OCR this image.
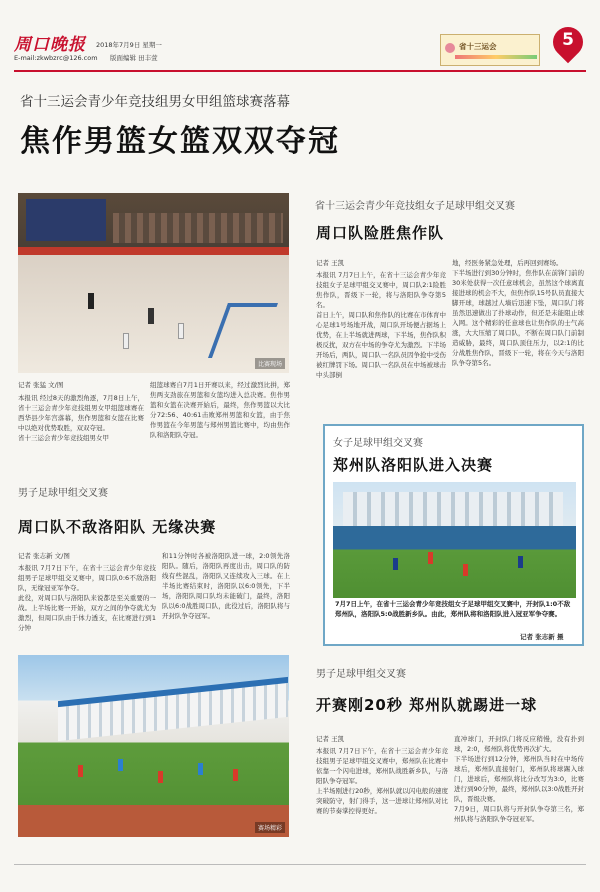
周口晚报
E-mail:zkwbzrc@126.com
2018年7月9日 星期一
版面编辑 田丰萱
省十三运会	5
省十三运会青少年竞技组男女甲组篮球赛落幕
焦作男篮女篮双双夺冠
比赛现场
记者 张猛 文/图
本报讯 经过8天的激烈角逐，7月8日上午，省十三运会青少年竞技组男女甲组篮球赛在西华县少年宫落幕，焦作男篮和女篮在比赛中以绝对优势取胜，双双夺冠。
省十三运会青少年竞技组男女甲
组篮球赛自7月1日开赛以来，经过激烈比拼，郑焦两支劲旅在男篮和女篮均进入总决赛。焦作男篮和女篮在决赛开始后，最终，焦作男篮以大比分72:56、40:61击败郑州男篮和女篮，由于焦作男篮在今年男篮与郑州男篮比赛中，均由焦作队和洛阳队夺冠。
省十三运会青少年竞技组女子足球甲组交叉赛
周口队险胜焦作队
记者 王凯
本报讯 7月7日上午，在省十三运会青少年竞技组女子足球甲组交叉赛中，周口队2:1险胜焦作队，晋级下一轮，将与洛阳队争夺第5名。
首日上午，周口队和焦作队的比赛在市体育中心足球1号场地开战，周口队开场便占据场上优势，在上半场就进两球，下半场，焦作队积极反扰，双方在中场的争夺尤为激烈。下半场开场后，两队，周口队一名队员因争抢中受伤被红牌罚下场。周口队一名队员在中场被球击中头部倒
地，经医务紧急处理，后再回到赛场。
下半场进行到30分钟时，焦作队在前锋门前的30米处获得一次任意球机会，虽然这个球离直接进球的机会不大，但焦作队15号队员直接大脚开球，球越过人墙后迅速下坠，周口队门将虽然迅速做出了扑球动作，但还是未能阻止球入网。这个精彩的任意球也让焦作队的士气高涨，大大压缩了周口队，不断在周口队门前制造威胁，最终，周口队顶住压力，以2:1的比分战胜焦作队，晋级下一轮，将在今天与洛阳队争夺第5名。
女子足球甲组交叉赛
郑州队洛阳队进入决赛
7月7日上午，在省十三运会青少年竞技组女子足球甲组交叉赛中，开封队1:0不敌郑州队，洛阳队5:0战胜新乡队。由此，郑州队将和洛阳队进入冠亚军争夺赛。
记者 张志新 摄
男子足球甲组交叉赛
周口队不敌洛阳队 无缘决赛
记者 张志新 文/图
本报讯 7月7日下午，在省十三运会青少年竞技组男子足球甲组交叉赛中，周口队0:6不敌洛阳队，无缘冠亚军争夺。
此役，对周口队与洛阳队来说都是至关重要的一战。上半场比赛一开始，双方之间的争夺就尤为激烈，但周口队由于体力透支，在比赛进行到1分钟
和11分钟时各被洛阳队进一球，2:0领先洛阳队。随后，洛阳队再度出击，周口队的防线有些混乱，洛阳队又连续攻入三球。在上半场比赛结束时，洛阳队以6:0领先，下半场，洛阳队周口队均未能破门，最终，洛阳队以6:0战胜周口队，此役过后，洛阳队将与开封队争夺冠军。
赛场精彩
男子足球甲组交叉赛
开赛刚20秒 郑州队就踢进一球
记者 王凯
本报讯 7月7日下午，在省十三运会青少年竞技组男子足球甲组交叉赛中，郑州队在比赛中依靠一个闪电进球，郑州队战胜新乡队，与洛阳队争夺冠军。
上半场刚进行20秒，郑州队就以闪电般的速度突破防守，射门得手，这一进球让郑州队对比赛的节奏掌控得更好。
直冲球门，开封队门将反应稍慢，没有扑到球，2:0，郑州队将优势再次扩大。
下半场进行到12分钟，郑州队当时在中场传球后，郑州队直接射门，郑州队将球踢入球门，进球后，郑州队将比分改写为3:0，比赛进行到90分钟，最终，郑州队以3:0战胜开封队，晋级决赛。
7月9日，周口队将与开封队争夺第三名，郑州队将与洛阳队争夺冠亚军。
